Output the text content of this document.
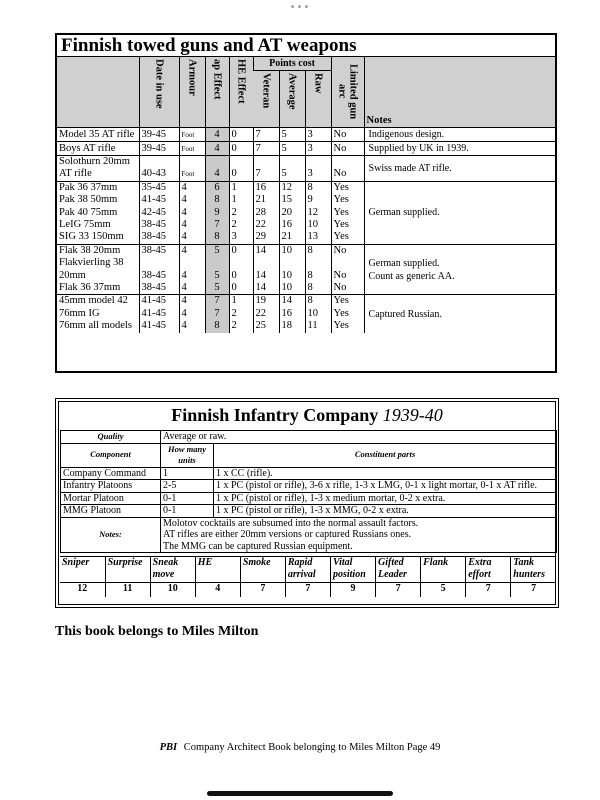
•••
Finnish towed guns and AT weapons
	Date in use	Armour	ap Effect	HE Effect	Points cost			Limited gun arc	Notes
					Veteran	Average	Raw		
Model 35 AT rifle	39-45	Foot	4	0	7	5	3	No	Indigenous design.
Boys AT rifle	39-45	Foot	4	0	7	5	3	No	Supplied by UK in 1939.
Solothurn 20mm AT rifle	40-43	Foot	4	0	7	5	3	No	Swiss made AT rifle.
Pak 36 37mm	35-45	4	6	1	16	12	8	Yes	German supplied.
Pak 38 50mm	41-45	4	8	1	21	15	9	Yes	
Pak 40 75mm	42-45	4	9	2	28	20	12	Yes	
LeIG 75mm	38-45	4	7	2	22	16	10	Yes	
SIG 33 150mm	38-45	4	8	3	29	21	13	Yes	
Flak 38 20mm	38-45	4	5	0	14	10	8	No	German supplied.
Count as generic AA.

Flakvierling 38 20mm	38-45	4	5	0	14	10	8	No	
Flak 36 37mm	38-45	4	5	0	14	10	8	No	
45mm model 42	41-45	4	7	1	19	14	8	Yes	Captured Russian.
76mm IG	41-45	4	7	2	22	16	10	Yes	
76mm all models	41-45	4	8	2	25	18	11	Yes	
Finnish Infantry Company 1939-40
Quality	Average or raw.	
Component	How many units	Constituent parts
Company Command	1	1 x CC (rifle).
Infantry Platoons	2-5	1 x PC (pistol or rifle), 3-6 x rifle, 1-3 x LMG, 0-1 x light mortar, 0-1 x AT rifle.
Mortar Platoon	0-1	1 x PC (pistol or rifle), 1-3 x medium mortar, 0-2 x extra.
MMG Platoon	0-1	1 x PC (pistol or rifle), 1-3 x MMG, 0-2 x extra.
Notes:	Molotov cocktails are subsumed into the normal assault factors.
AT rifles are either 20mm versions or captured Russians ones.
The MMG can be captured Russian equipment.	
Sniper	Surprise	Sneak move	HE	Smoke	Rapid arrival	Vital position	Gifted Leader	Flank	Extra effort	Tank hunters
12	11	10	4	7	7	9	7	5	7	7
This book belongs to Miles Milton
PBI Company Architect Book belonging to Miles Milton Page 49
